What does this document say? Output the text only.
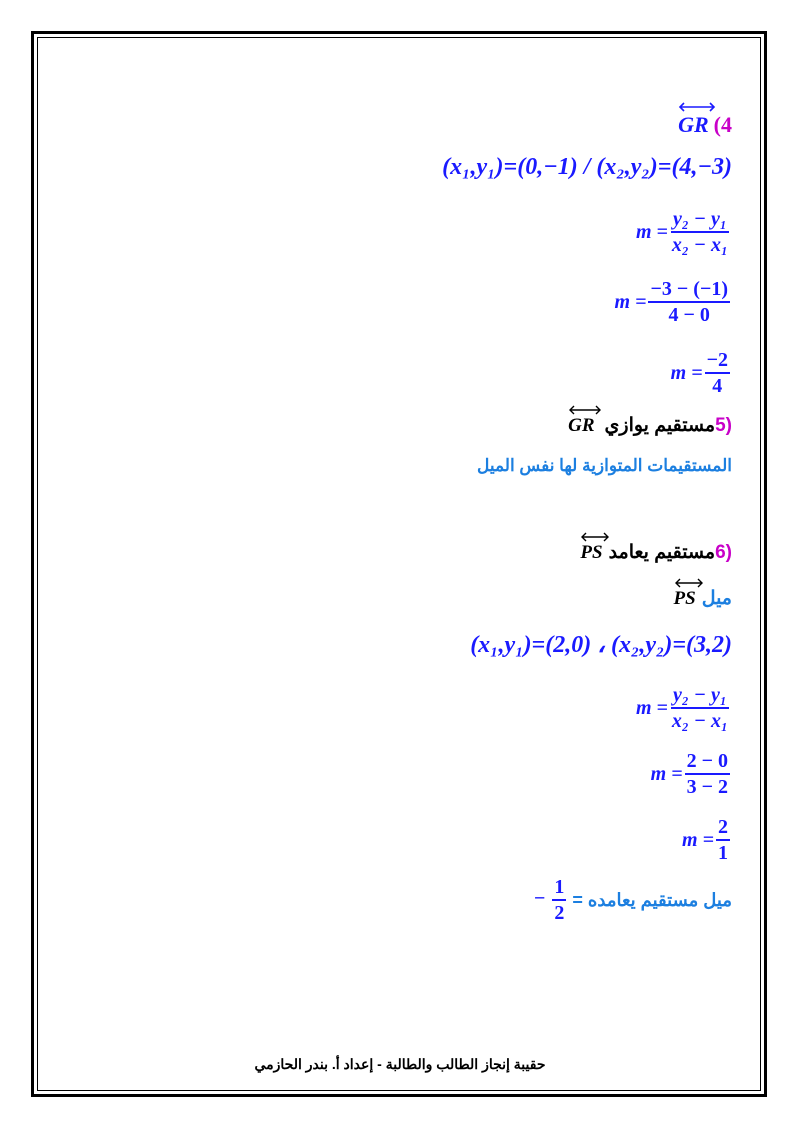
GR (4
(x₁,y₁)=(0,−1) / (x₂,y₂)=(4,−3)
$m = \frac{\text{y₂ − y₁}}{\text{x₂ − x₁}}$
$m = \frac{-3 - (-1)}{4 - 0}$
$m = \frac{-2}{4}$
GR مستقيم يوازي 5)
المستقيمات المتوازية لها نفس الميل
PS مستقيم يعامد 6)
PS ميل
(x₁,y₁)=(2,0) ، (x₂,y₂)=(3,2)
$m = \frac{\text{y₂ − y₁}}{\text{x₂ − x₁}}$
$m = \frac{2 - 0}{3 - 2}$
$m = \frac{2}{1}$
− $\frac{1}{2}$ ميل مستقيم يعامده =
حقيبة إنجاز الطالب والطالبة - إعداد أ. بندر الحازمي
